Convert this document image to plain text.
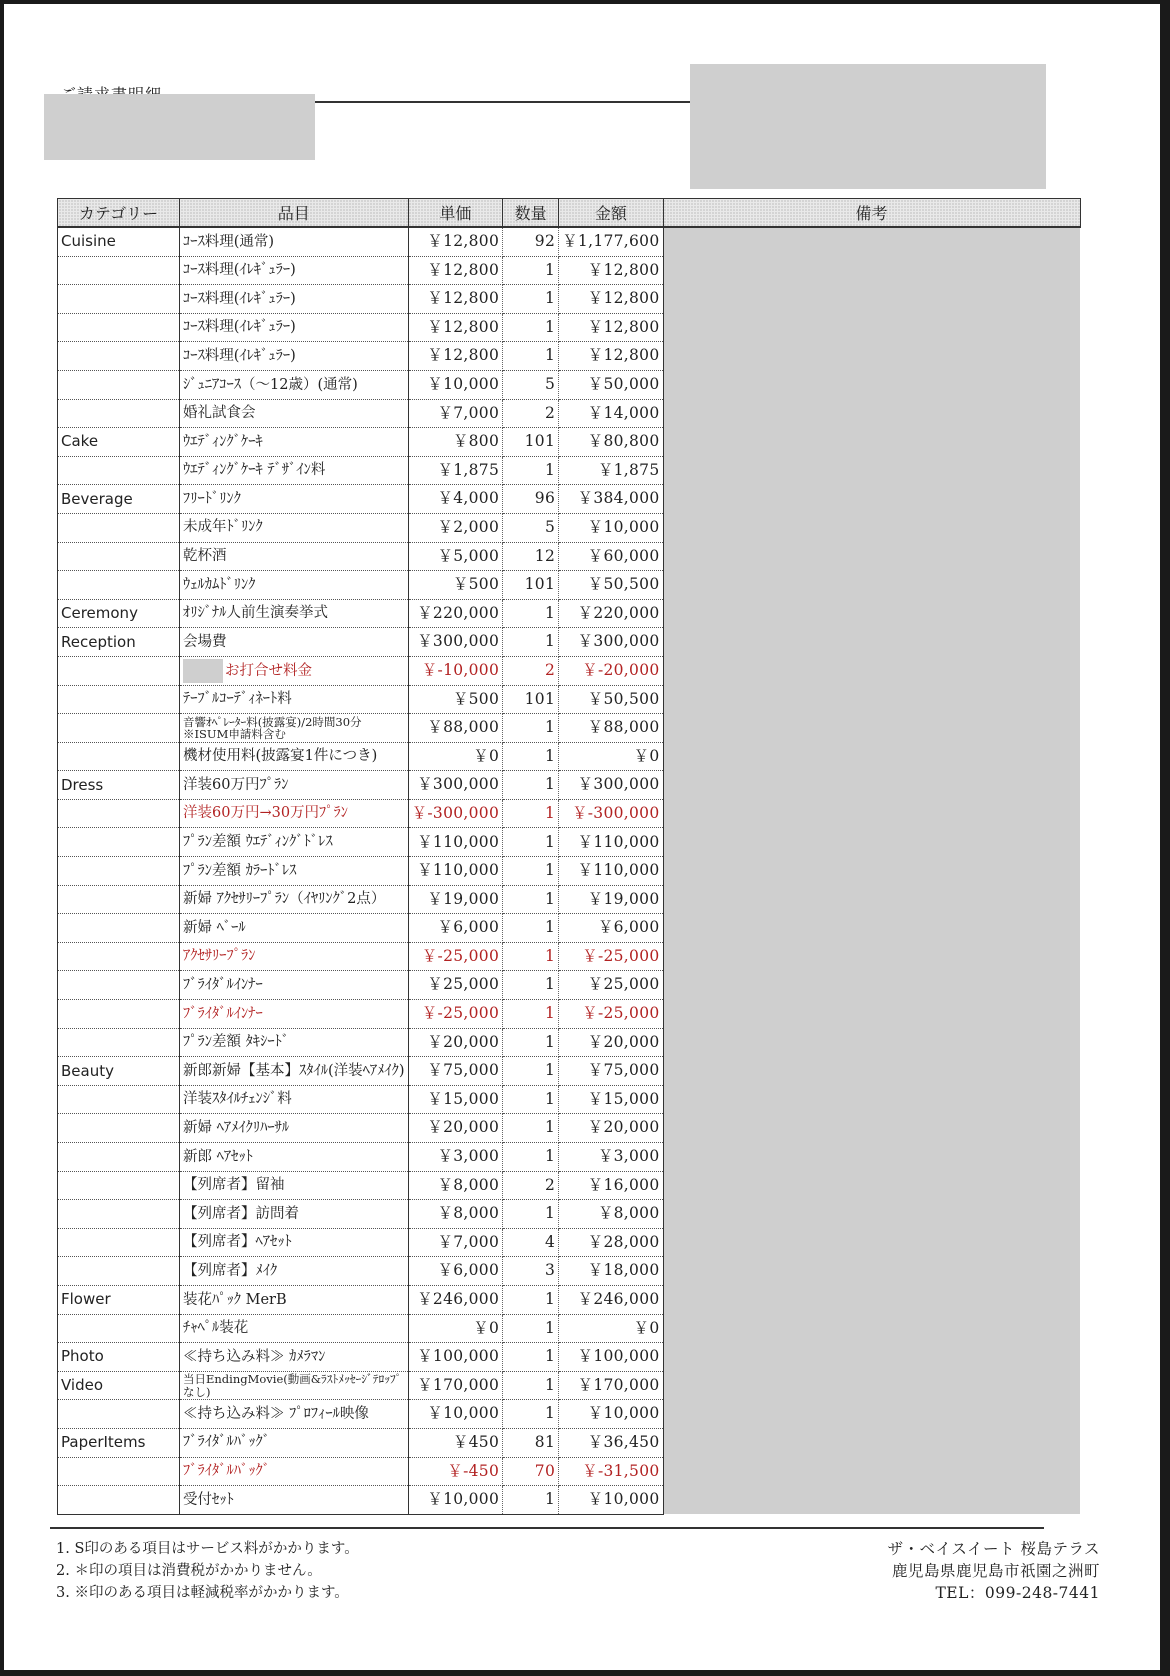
カテゴリー	品目	単価	数量	金額	備考
Cuisine	ｺｰｽ料理(通常)	￥12,800	92	￥1,177,600	
	ｺｰｽ料理(ｲﾚｷﾞｭﾗｰ)	￥12,800	1	￥12,800	
	ｺｰｽ料理(ｲﾚｷﾞｭﾗｰ)	￥12,800	1	￥12,800	
	ｺｰｽ料理(ｲﾚｷﾞｭﾗｰ)	￥12,800	1	￥12,800	
	ｺｰｽ料理(ｲﾚｷﾞｭﾗｰ)	￥12,800	1	￥12,800	
	ｼﾞｭﾆｱｺｰｽ（～12歳）(通常)	￥10,000	5	￥50,000	
	婚礼試食会	￥7,000	2	￥14,000	
Cake	ｳｴﾃﾞｨﾝｸﾞｹｰｷ	￥800	101	￥80,800	
	ｳｴﾃﾞｨﾝｸﾞｹｰｷ ﾃﾞｻﾞｲﾝ料	￥1,875	1	￥1,875	
Beverage	ﾌﾘｰﾄﾞﾘﾝｸ	￥4,000	96	￥384,000	
	未成年ﾄﾞﾘﾝｸ	￥2,000	5	￥10,000	
	乾杯酒	￥5,000	12	￥60,000	
	ｳｪﾙｶﾑﾄﾞﾘﾝｸ	￥500	101	￥50,500	
Ceremony	ｵﾘｼﾞﾅﾙ人前生演奏挙式	￥220,000	1	￥220,000	
Reception	会場費	￥300,000	1	￥300,000	
	お打合せ料金	￥-10,000	2	￥-20,000	
	ﾃｰﾌﾞﾙｺｰﾃﾞｨﾈｰﾄ料	￥500	101	￥50,500	
	音響ｵﾍﾟﾚｰﾀｰ料(披露宴)/2時間30分 ※ISUM申請料含む	￥88,000	1	￥88,000	
	機材使用料(披露宴1件につき)	￥0	1	￥0	
Dress	洋装60万円ﾌﾟﾗﾝ	￥300,000	1	￥300,000	
	洋装60万円→30万円ﾌﾟﾗﾝ	￥-300,000	1	￥-300,000	
	ﾌﾟﾗﾝ差額 ｳｴﾃﾞｨﾝｸﾞﾄﾞﾚｽ	￥110,000	1	￥110,000	
	ﾌﾟﾗﾝ差額 ｶﾗｰﾄﾞﾚｽ	￥110,000	1	￥110,000	
	新婦 ｱｸｾｻﾘｰﾌﾟﾗﾝ（ｲﾔﾘﾝｸﾞ2点）	￥19,000	1	￥19,000	
	新婦 ﾍﾞｰﾙ	￥6,000	1	￥6,000	
	ｱｸｾｻﾘｰﾌﾟﾗﾝ	￥-25,000	1	￥-25,000	
	ﾌﾞﾗｲﾀﾞﾙｲﾝﾅｰ	￥25,000	1	￥25,000	
	ﾌﾞﾗｲﾀﾞﾙｲﾝﾅｰ	￥-25,000	1	￥-25,000	
	ﾌﾟﾗﾝ差額 ﾀｷｼｰﾄﾞ	￥20,000	1	￥20,000	
Beauty	新郎新婦【基本】ｽﾀｲﾙ(洋装ﾍｱﾒｲｸ)	￥75,000	1	￥75,000	
	洋装ｽﾀｲﾙﾁｪﾝｼﾞ料	￥15,000	1	￥15,000	
	新婦 ﾍｱﾒｲｸﾘﾊｰｻﾙ	￥20,000	1	￥20,000	
	新郎 ﾍｱｾｯﾄ	￥3,000	1	￥3,000	
	【列席者】留袖	￥8,000	2	￥16,000	
	【列席者】訪問着	￥8,000	1	￥8,000	
	【列席者】ﾍｱｾｯﾄ	￥7,000	4	￥28,000	
	【列席者】ﾒｲｸ	￥6,000	3	￥18,000	
Flower	装花ﾊﾟｯｸ MerB	￥246,000	1	￥246,000	
	ﾁｬﾍﾟﾙ装花	￥0	1	￥0	
Photo	≪持ち込み料≫ ｶﾒﾗﾏﾝ	￥100,000	1	￥100,000	
Video	当日EndingMovie(動画&ﾗｽﾄﾒｯｾｰｼﾞﾃﾛｯﾌﾟなし)	￥170,000	1	￥170,000	
	≪持ち込み料≫ ﾌﾟﾛﾌｨｰﾙ映像	￥10,000	1	￥10,000	
PaperItems	ﾌﾞﾗｲﾀﾞﾙﾊﾞｯｸﾞ	￥450	81	￥36,450	
	ﾌﾞﾗｲﾀﾞﾙﾊﾞｯｸﾞ	￥-450	70	￥-31,500	
	受付ｾｯﾄ	￥10,000	1	￥10,000	
1. S印のある項目はサービス料がかかります。
2. ＊印の項目は消費税がかかりません。
3. ※印のある項目は軽減税率がかかります。
ザ・ベイスイート 桜島テラス
鹿児島県鹿児島市祇園之洲町
TEL：099-248-7441
